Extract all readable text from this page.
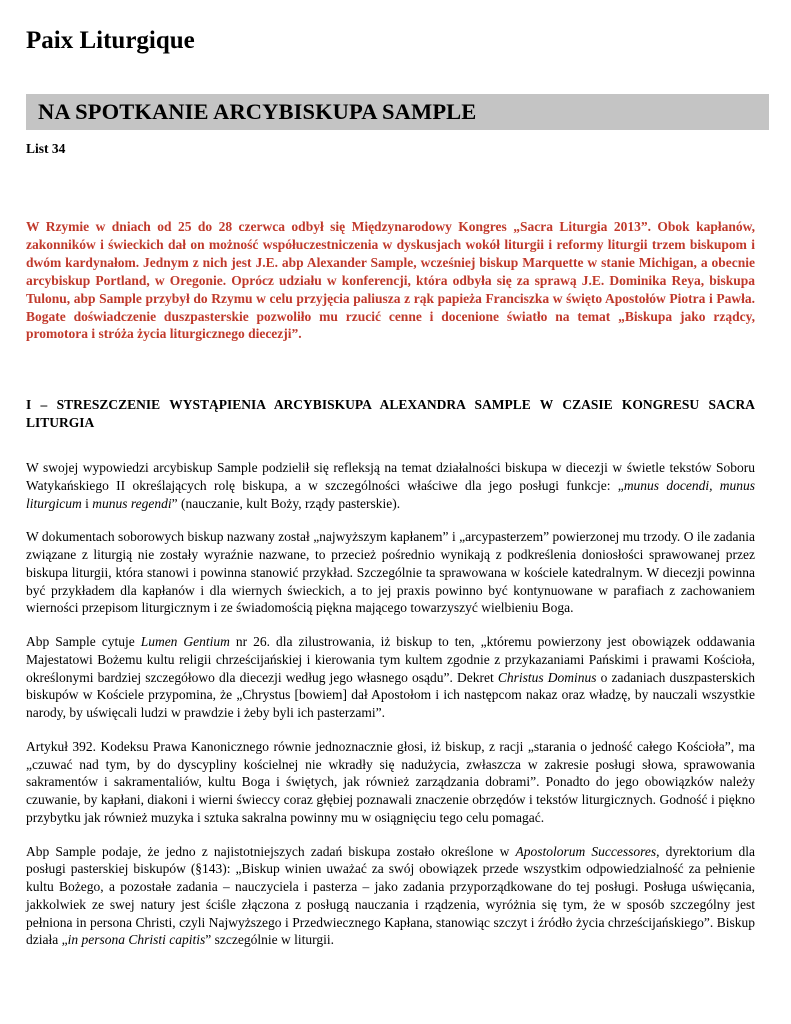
Paix Liturgique
NA SPOTKANIE ARCYBISKUPA SAMPLE

List 34

W Rzymie w dniach od 25 do 28 czerwca odbył się Międzynarodowy Kongres „Sacra Liturgia 2013”. Obok kapłanów, zakonników i świeckich dał on możność współuczestniczenia w dyskusjach wokół liturgii i reformy liturgii trzem biskupom i dwóm kardynałom. Jednym z nich jest J.E. abp Alexander Sample, wcześniej biskup Marquette w stanie Michigan, a obecnie arcybiskup Portland, w Oregonie. Oprócz udziału w konferencji, która odbyła się za sprawą J.E. Dominika Reya, biskupa Tulonu, abp Sample przybył do Rzymu w celu przyjęcia paliusza z rąk papieża Franciszka w święto Apostołów Piotra i Pawła. Bogate doświadczenie duszpasterskie pozwoliło mu rzucić cenne i docenione światło na temat „Biskupa jako rządcy, promotora i stróża życia liturgicznego diecezji”.

I – STRESZCZENIE WYSTĄPIENIA ARCYBISKUPA ALEXANDRA SAMPLE W CZASIE KONGRESU SACRA LITURGIA

W swojej wypowiedzi arcybiskup Sample podzielił się refleksją na temat działalności biskupa w diecezji w świetle tekstów Soboru Watykańskiego II określających rolę biskupa, a w szczególności właściwe dla jego posługi funkcje: „munus docendi, munus liturgicum i munus regendi” (nauczanie, kult Boży, rządy pasterskie).

W dokumentach soborowych biskup nazwany został „najwyższym kapłanem” i „arcypasterzem” powierzonej mu trzody. O ile zadania związane z liturgią nie zostały wyraźnie nazwane, to przecież pośrednio wynikają z podkreślenia doniosłości sprawowanej przez biskupa liturgii, która stanowi i powinna stanowić przykład. Szczególnie ta sprawowana w kościele katedralnym. W diecezji powinna być przykładem dla kapłanów i dla wiernych świeckich, a to jej praxis powinno być kontynuowane w parafiach z zachowaniem wierności przepisom liturgicznym i ze świadomością piękna mającego towarzyszyć wielbieniu Boga.

Abp Sample cytuje Lumen Gentium nr 26. dla zilustrowania, iż biskup to ten, „któremu powierzony jest obowiązek oddawania Majestatowi Bożemu kultu religii chrześcijańskiej i kierowania tym kultem zgodnie z przykazaniami Pańskimi i prawami Kościoła, określonymi bardziej szczegółowo dla diecezji według jego własnego osądu”. Dekret Christus Dominus o zadaniach duszpasterskich biskupów w Kościele przypomina, że „Chrystus [bowiem] dał Apostołom i ich następcom nakaz oraz władzę, by nauczali wszystkie narody, by uświęcali ludzi w prawdzie i żeby byli ich pasterzami”.

Artykuł 392. Kodeksu Prawa Kanonicznego równie jednoznacznie głosi, iż biskup, z racji „starania o jedność całego Kościoła”, ma „czuwać nad tym, by do dyscypliny kościelnej nie wkradły się nadużycia, zwłaszcza w zakresie posługi słowa, sprawowania sakramentów i sakramentaliów, kultu Boga i świętych, jak również zarządzania dobrami”. Ponadto do jego obowiązków należy czuwanie, by kapłani, diakoni i wierni świeccy coraz głębiej poznawali znaczenie obrzędów i tekstów liturgicznych. Godność i piękno przybytku jak również muzyka i sztuka sakralna powinny mu w osiągnięciu tego celu pomagać.

Abp Sample podaje, że jedno z najistotniejszych zadań biskupa zostało określone w Apostolorum Successores, dyrektorium dla posługi pasterskiej biskupów (§143): „Biskup winien uważać za swój obowiązek przede wszystkim odpowiedzialność za pełnienie kultu Bożego, a pozostałe zadania – nauczyciela i pasterza – jako zadania przyporządkowane do tej posługi. Posługa uświęcania, jakkolwiek ze swej natury jest ściśle złączona z posługą nauczania i rządzenia, wyróżnia się tym, że w sposób szczególny jest pełniona in persona Christi, czyli Najwyższego i Przedwiecznego Kapłana, stanowiąc szczyt i źródło życia chrześcijańskiego”. Biskup działa „in persona Christi capitis” szczególnie w liturgii.
